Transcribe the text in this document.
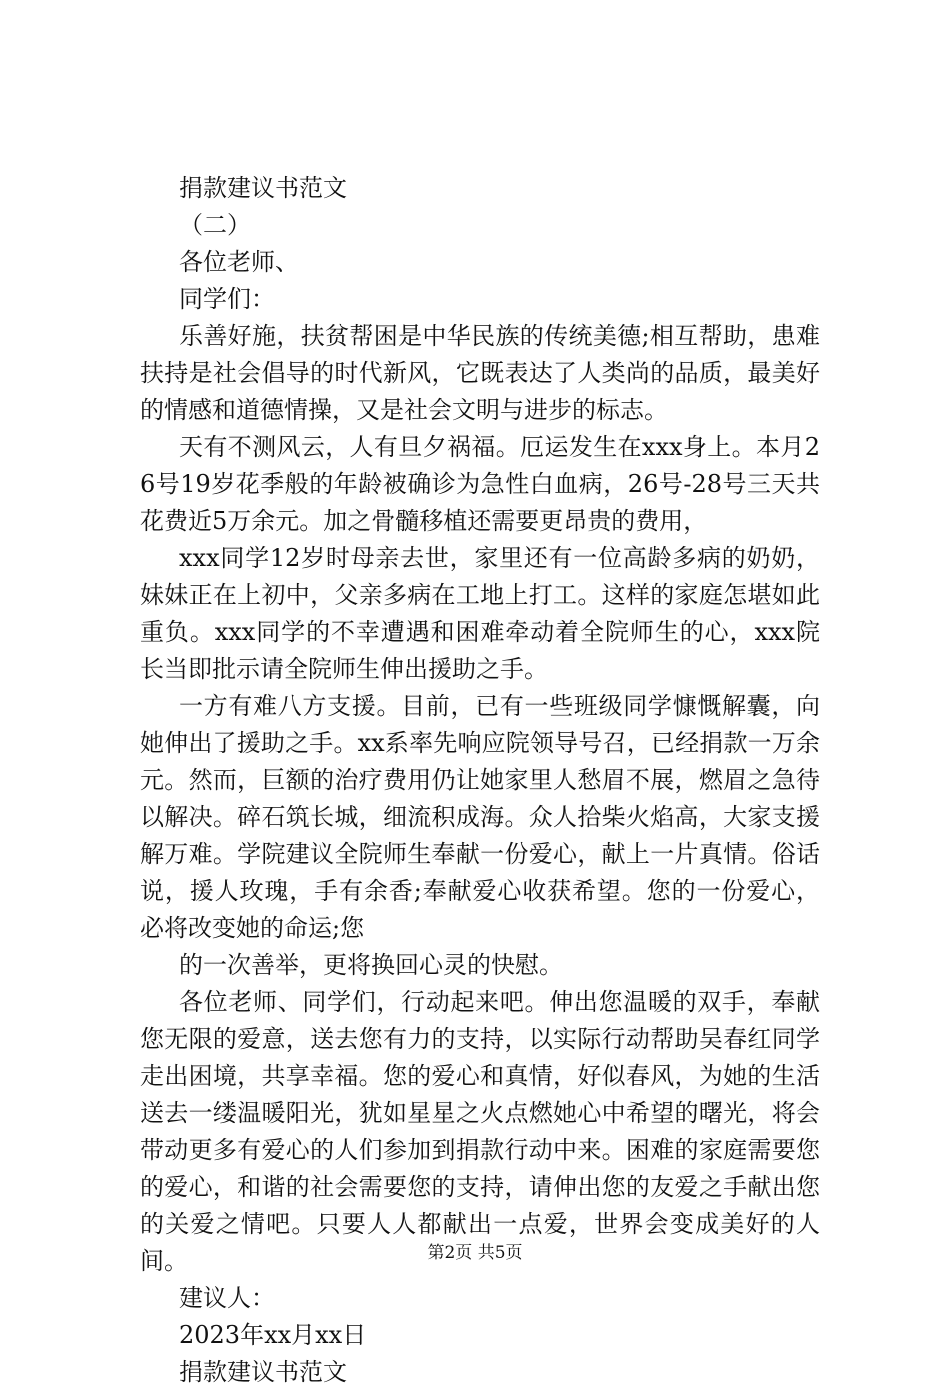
捐款建议书范文

（二）

各位老师、

同学们：

乐善好施，扶贫帮困是中华民族的传统美德;相互帮助，患难扶持是社会倡导的时代新风，它既表达了人类尚的品质，最美好的情感和道德情操，又是社会文明与进步的标志。

天有不测风云，人有旦夕祸福。厄运发生在xxx身上。本月26号19岁花季般的年龄被确诊为急性白血病，26号-28号三天共花费近5万余元。加之骨髓移植还需要更昂贵的费用，

xxx同学12岁时母亲去世，家里还有一位高龄多病的奶奶，妹妹正在上初中，父亲多病在工地上打工。这样的家庭怎堪如此重负。xxx同学的不幸遭遇和困难牵动着全院师生的心，xxx院长当即批示请全院师生伸出援助之手。

一方有难八方支援。目前，已有一些班级同学慷慨解囊，向她伸出了援助之手。xx系率先响应院领导号召，已经捐款一万余元。然而，巨额的治疗费用仍让她家里人愁眉不展，燃眉之急待以解决。碎石筑长城，细流积成海。众人拾柴火焰高，大家支援解万难。学院建议全院师生奉献一份爱心，献上一片真情。俗话说，援人玫瑰，手有余香;奉献爱心收获希望。您的一份爱心，必将改变她的命运;您

的一次善举，更将换回心灵的快慰。

各位老师、同学们，行动起来吧。伸出您温暖的双手，奉献您无限的爱意，送去您有力的支持，以实际行动帮助吴春红同学走出困境，共享幸福。您的爱心和真情，好似春风，为她的生活送去一缕温暖阳光，犹如星星之火点燃她心中希望的曙光，将会带动更多有爱心的人们参加到捐款行动中来。困难的家庭需要您的爱心，和谐的社会需要您的支持，请伸出您的友爱之手献出您的关爱之情吧。只要人人都献出一点爱，世界会变成美好的人间。

建议人：

2023年xx月xx日

捐款建议书范文

第2页 共5页
